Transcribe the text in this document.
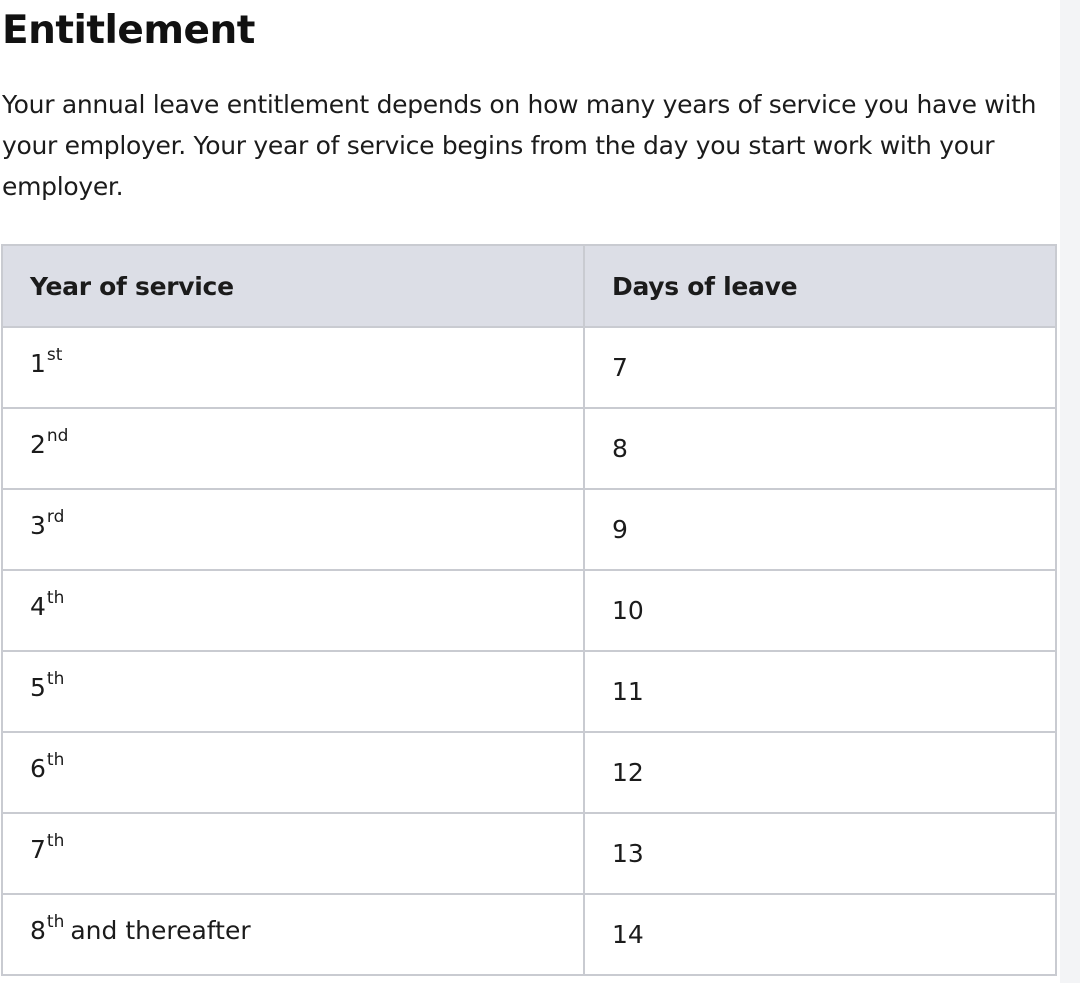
Entitlement

Your annual leave entitlement depends on how many years of service you have with your employer. Your year of service begins from the day you start work with your employer.

Year of service	Days of leave
1st	7
2nd	8
3rd	9
4th	10
5th	11
6th	12
7th	13
8th and thereafter	14
